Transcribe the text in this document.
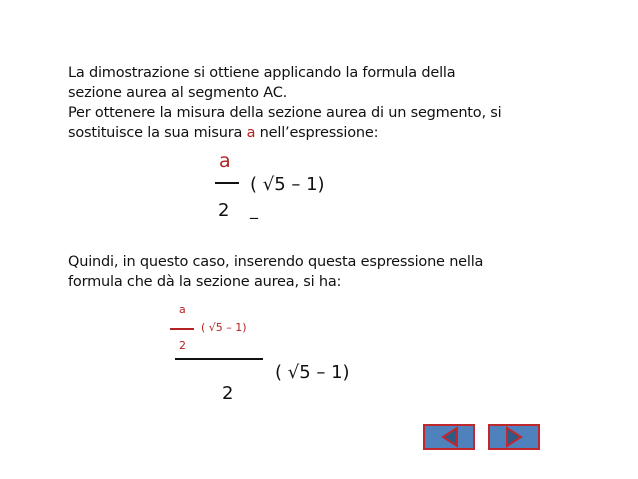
La dimostrazione si ottiene applicando la formula della
sezione aurea al segmento AC.
Per ottenere la misura della sezione aurea di un segmento, si
sostituisce la sua misura a nell’espressione:
a
2
( √5 – 1)
_
Quindi, in questo caso, inserendo questa espressione nella
formula che dà la sezione aurea, si ha:
a
2
( √5 – 1)
2
( √5 – 1)
